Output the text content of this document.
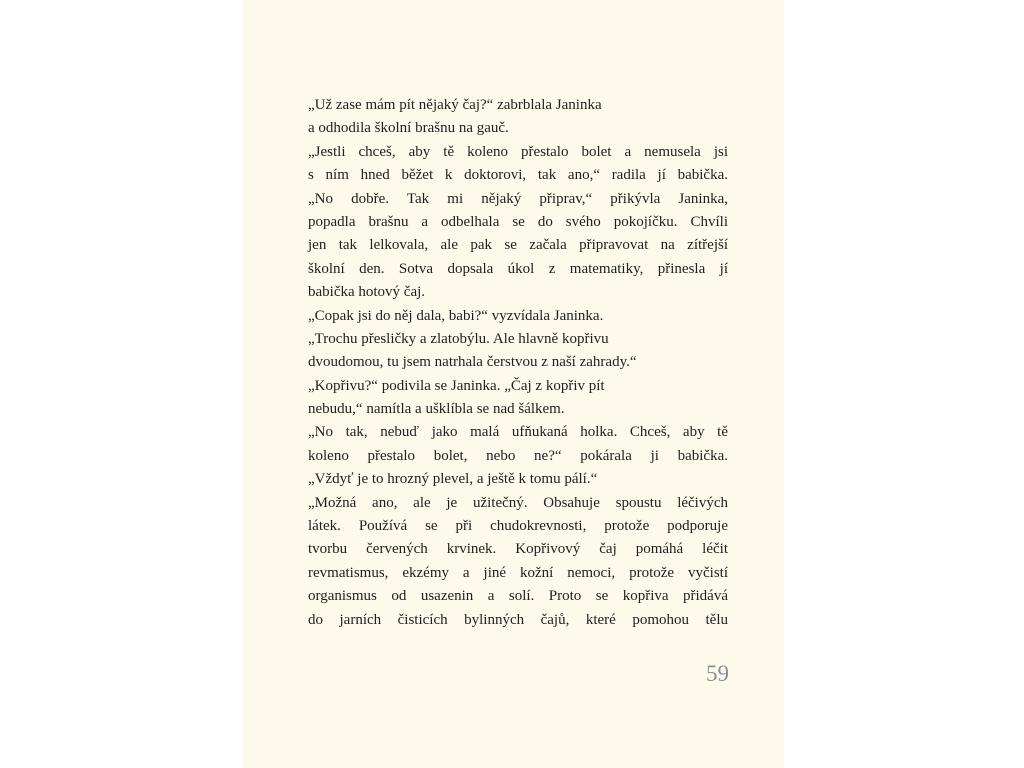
„Už zase mám pít nějaký čaj?“ zabrblala Janinka
a odhodila školní brašnu na gauč.
„Jestli chceš, aby tě koleno přestalo bolet a nemusela jsi
s ním hned běžet k doktorovi, tak ano,“ radila jí babička.
„No dobře. Tak mi nějaký připrav,“ přikývla Janinka,
popadla brašnu a odbelhala se do svého pokojíčku. Chvíli
jen tak lelkovala, ale pak se začala připravovat na zítřejší
školní den. Sotva dopsala úkol z matematiky, přinesla jí
babička hotový čaj.
„Copak jsi do něj dala, babi?“ vyzvídala Janinka.
„Trochu přesličky a zlatobýlu. Ale hlavně kopřivu
dvoudomou, tu jsem natrhala čerstvou z naší zahrady.“
„Kopřivu?“ podivila se Janinka. „Čaj z kopřiv pít
nebudu,“ namítla a ušklíbla se nad šálkem.
„No tak, nebuď jako malá ufňukaná holka. Chceš, aby tě
koleno přestalo bolet, nebo ne?“ pokárala ji babička.
„Vždyť je to hrozný plevel, a ještě k tomu pálí.“
„Možná ano, ale je užitečný. Obsahuje spoustu léčivých
látek. Používá se při chudokrevnosti, protože podporuje
tvorbu červených krvinek. Kopřivový čaj pomáhá léčit
revmatismus, ekzémy a jiné kožní nemoci, protože vyčistí
organismus od usazenin a solí. Proto se kopřiva přidává
do jarních čisticích bylinných čajů, které pomohou tělu
59
